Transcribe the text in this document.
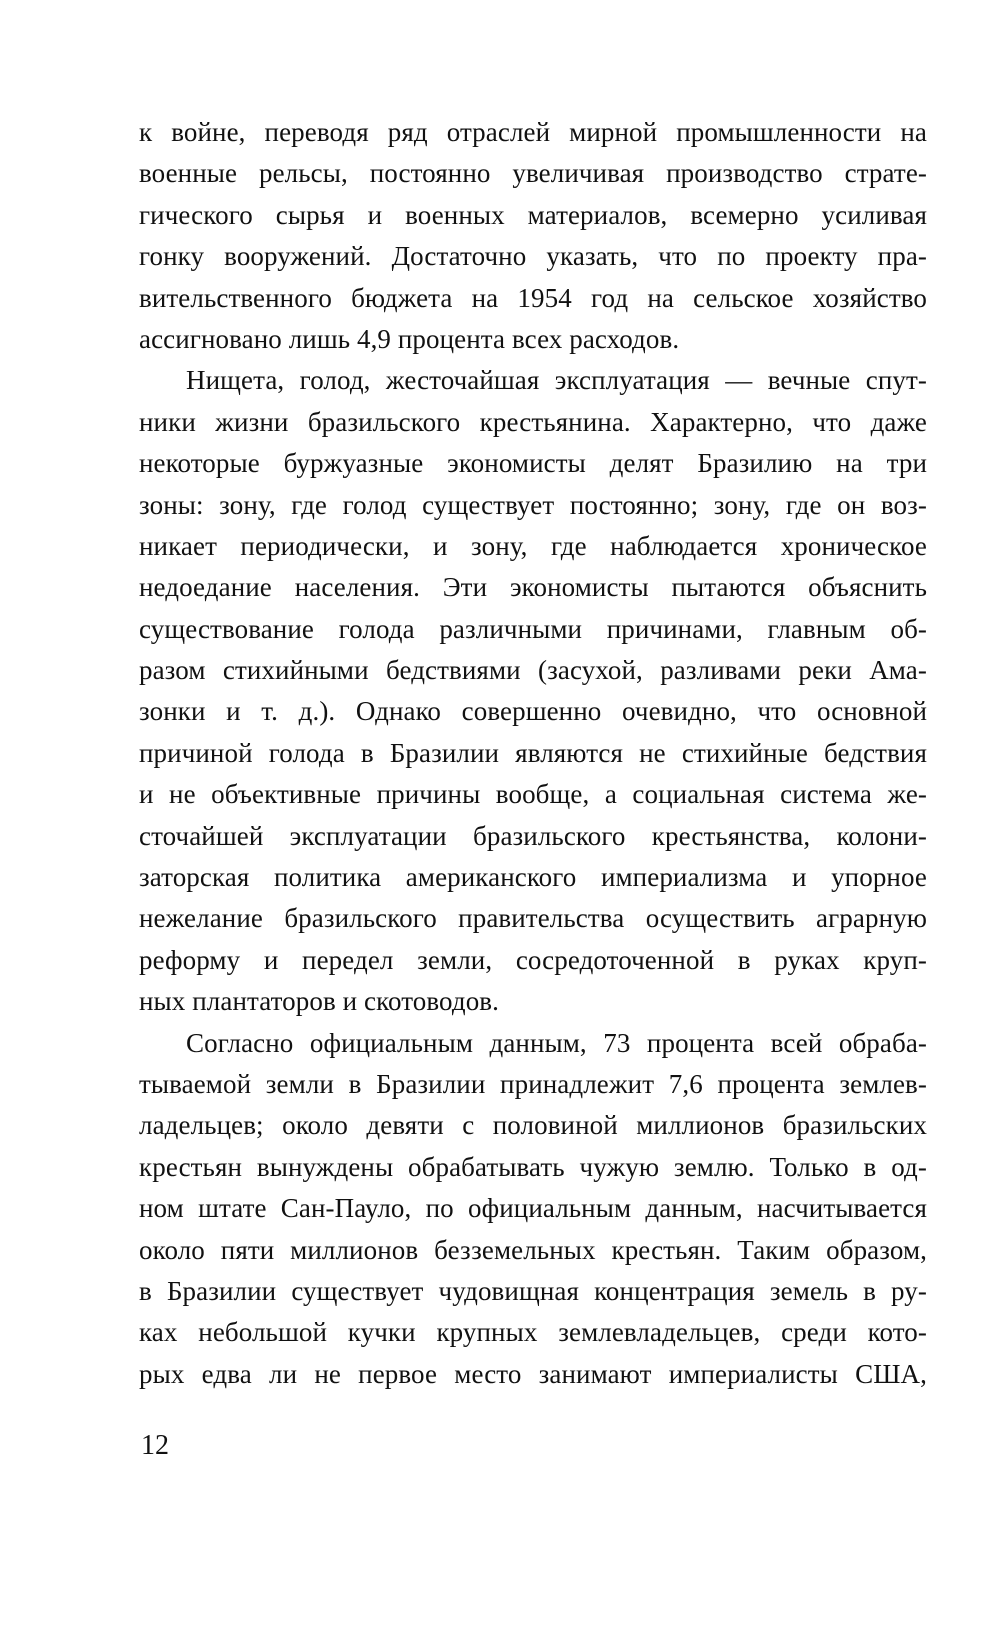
к войне, переводя ряд отраслей мирной промышленности на
военные рельсы, постоянно увеличивая производство страте-
гического сырья и военных материалов, всемерно усиливая
гонку вооружений. Достаточно указать, что по проекту пра-
вительственного бюджета на 1954 год на сельское хозяйство
ассигновано лишь 4,9 процента всех расходов.
Нищета, голод, жесточайшая эксплуатация — вечные спут-
ники жизни бразильского крестьянина. Характерно, что даже
некоторые буржуазные экономисты делят Бразилию на три
зоны: зону, где голод существует постоянно; зону, где он воз-
никает периодически, и зону, где наблюдается хроническое
недоедание населения. Эти экономисты пытаются объяснить
существование голода различными причинами, главным об-
разом стихийными бедствиями (засухой, разливами реки Ама-
зонки и т. д.). Однако совершенно очевидно, что основной
причиной голода в Бразилии являются не стихийные бедствия
и не объективные причины вообще, а социальная система же-
сточайшей эксплуатации бразильского крестьянства, колони-
заторская политика американского империализма и упорное
нежелание бразильского правительства осуществить аграрную
реформу и передел земли, сосредоточенной в руках круп-
ных плантаторов и скотоводов.
Согласно официальным данным, 73 процента всей обраба-
тываемой земли в Бразилии принадлежит 7,6 процента землев-
ладельцев; около девяти с половиной миллионов бразильских
крестьян вынуждены обрабатывать чужую землю. Только в од-
ном штате Сан-Пауло, по официальным данным, насчитывается
около пяти миллионов безземельных крестьян. Таким образом,
в Бразилии существует чудовищная концентрация земель в ру-
ках небольшой кучки крупных землевладельцев, среди кото-
рых едва ли не первое место занимают империалисты США,
12
